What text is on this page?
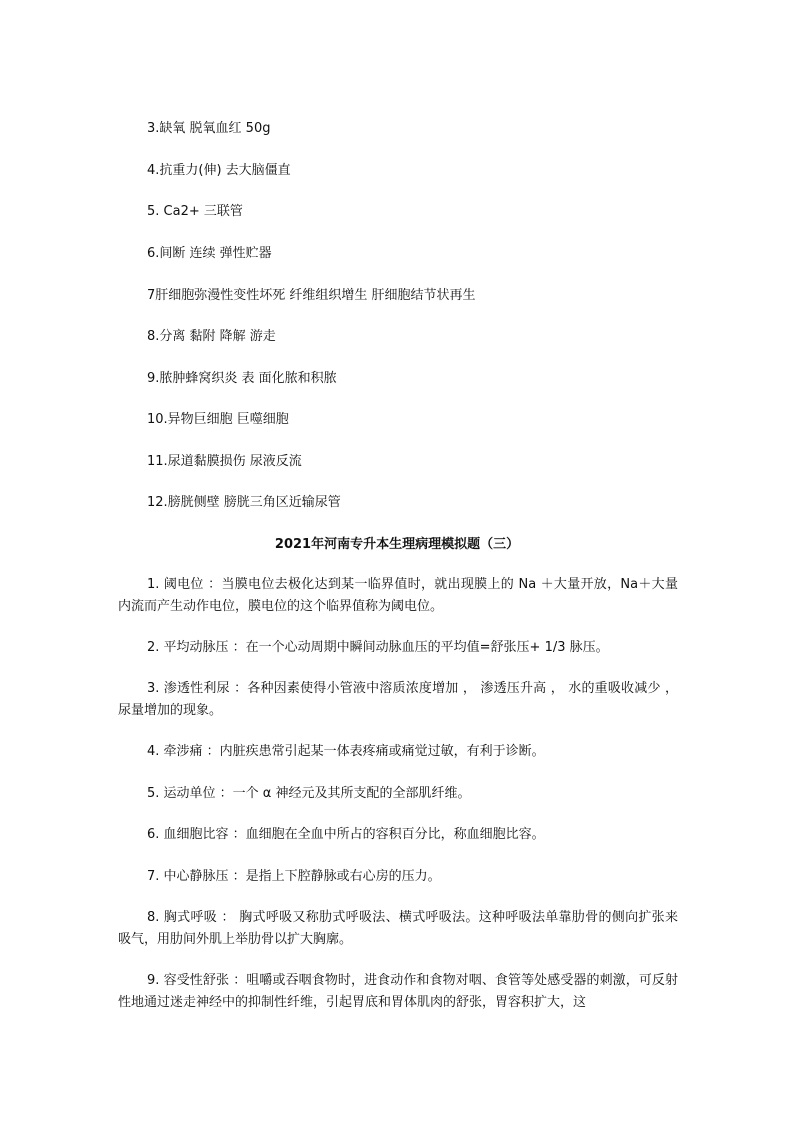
3.缺氧 脱氧血红 50g
4.抗重力(伸) 去大脑僵直
5. Ca2+ 三联管
6.间断 连续 弹性贮器
7肝细胞弥漫性变性坏死 纤维组织增生 肝细胞结节状再生
8.分离 黏附 降解 游走
9.脓肿蜂窝织炎 表 面化脓和积脓
10.异物巨细胞 巨噬细胞
11.尿道黏膜损伤 尿液反流
12.膀胱侧壁 膀胱三角区近输尿管
2021年河南专升本生理病理模拟题（三）

1. 阈电位 ：当膜电位去极化达到某一临界值时，就出现膜上的 Na ＋大量开放，Na＋大量内流而产生动作电位，膜电位的这个临界值称为阈电位。

2. 平均动脉压 ：在一个心动周期中瞬间动脉血压的平均值=舒张压+ 1/3 脉压。

3. 渗透性利尿 ：各种因素使得小管液中溶质浓度增加 ， 渗透压升高 ， 水的重吸收减少 ，尿量增加的现象。

4. 牵涉痛 ：内脏疾患常引起某一体表疼痛或痛觉过敏，有利于诊断。

5. 运动单位 ：一个 α 神经元及其所支配的全部肌纤维。

6. 血细胞比容 ：血细胞在全血中所占的容积百分比，称血细胞比容。

7. 中心静脉压 ：是指上下腔静脉或右心房的压力。

8. 胸式呼吸 ： 胸式呼吸又称肋式呼吸法、横式呼吸法。这种呼吸法单靠肋骨的侧向扩张来吸气，用肋间外肌上举肋骨以扩大胸廓。

9. 容受性舒张 ：咀嚼或吞咽食物时，进食动作和食物对咽、食管等处感受器的刺激，可反射性地通过迷走神经中的抑制性纤维，引起胃底和胃体肌肉的舒张，胃容积扩大，这
